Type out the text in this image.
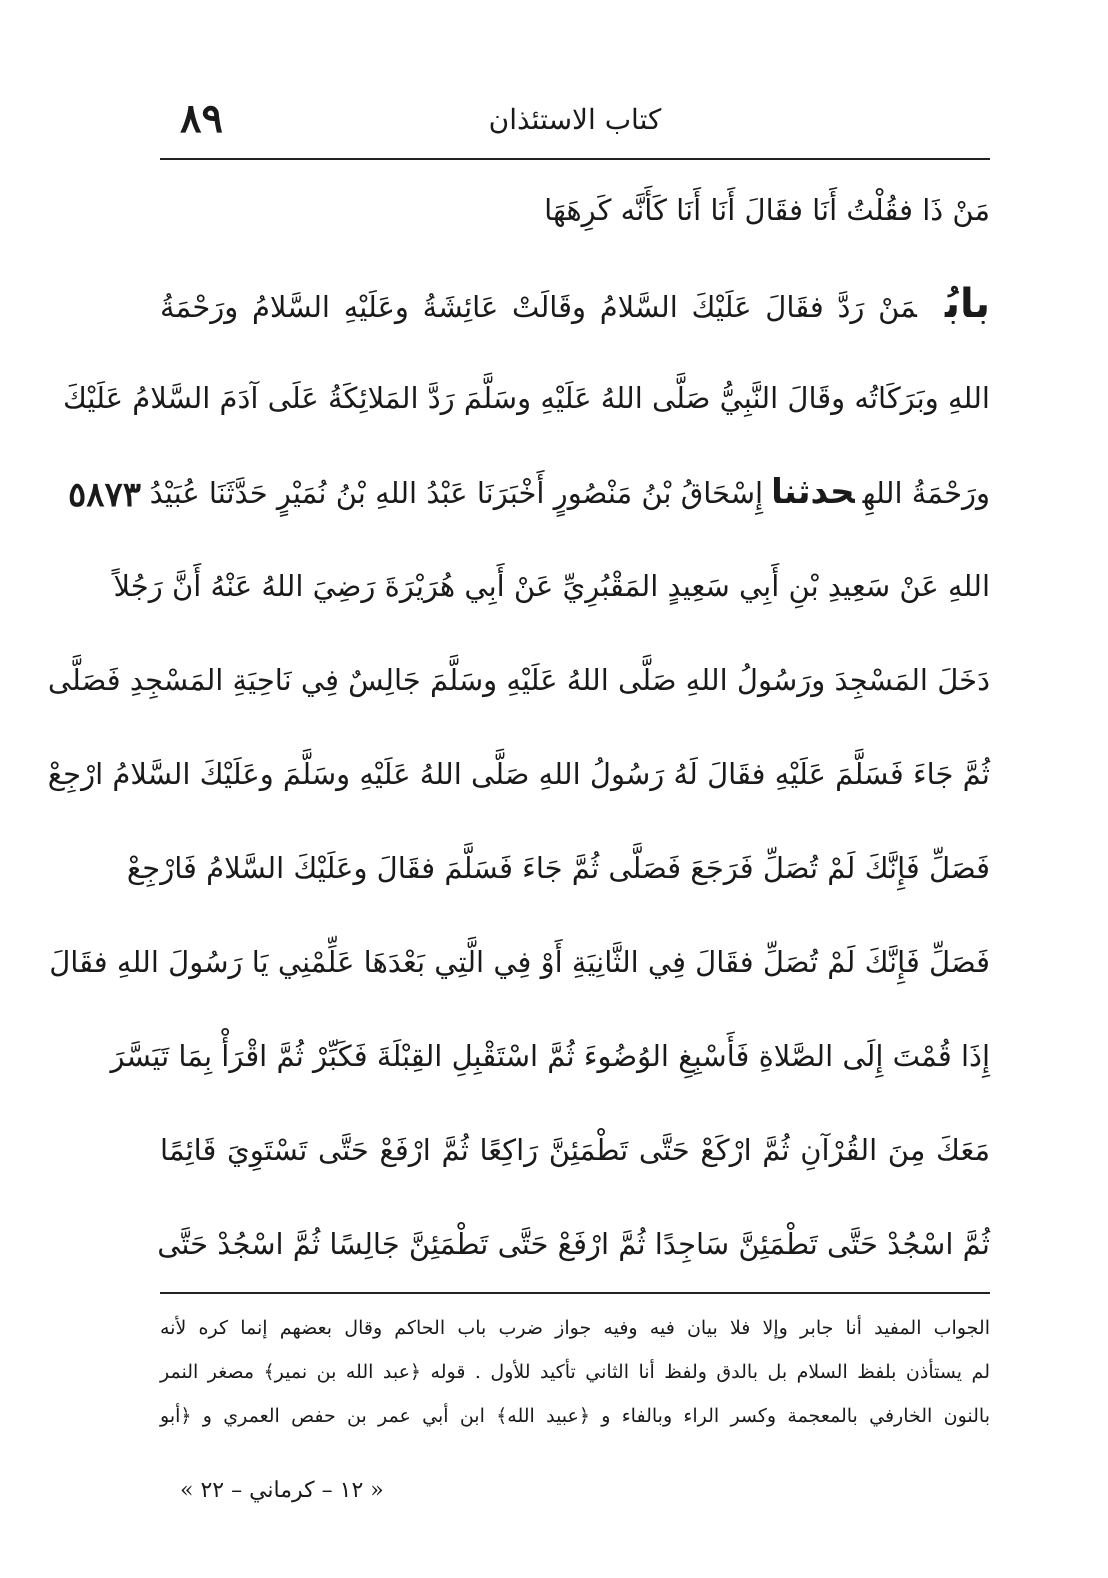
٨٩	كتاب الاستئذان
٥٨٧٣
مَنْ ذَا فقُلْتُ أَنَا فقَالَ أَنَا أَنَا كَأَنَّه كَرِهَهَا
بابُمَنْ رَدَّ فقَالَ عَلَيْكَ السَّلامُ وقَالَتْ عَائِشَةُ وعَلَيْهِ السَّلامُ ورَحْمَةُ
اللهِ وبَرَكَاتُه وقَالَ النَّبِيُّ صَلَّى اللهُ عَلَيْهِ وسَلَّمَ رَدَّ المَلائِكَةُ عَلَى آدَمَ السَّلامُ عَلَيْكَ
ورَحْمَةُ اللهِحدثناإِسْحَاقُ بْنُ مَنْصُورٍ أَخْبَرَنَا عَبْدُ اللهِ بْنُ نُمَيْرٍ حَدَّثَنَا عُبَيْدُ
اللهِ عَنْ سَعِيدِ بْنِ أَبِي سَعِيدٍ المَقْبُرِيِّ عَنْ أَبِي هُرَيْرَةَ رَضِيَ اللهُ عَنْهُ أَنَّ رَجُلاً
دَخَلَ المَسْجِدَ ورَسُولُ اللهِ صَلَّى اللهُ عَلَيْهِ وسَلَّمَ جَالِسٌ فِي نَاحِيَةِ المَسْجِدِ فَصَلَّى
ثُمَّ جَاءَ فَسَلَّمَ عَلَيْهِ فقَالَ لَهُ رَسُولُ اللهِ صَلَّى اللهُ عَلَيْهِ وسَلَّمَ وعَلَيْكَ السَّلامُ ارْجِعْ
فَصَلِّ فَإِنَّكَ لَمْ تُصَلِّ فَرَجَعَ فَصَلَّى ثُمَّ جَاءَ فَسَلَّمَ فقَالَ وعَلَيْكَ السَّلامُ فَارْجِعْ
فَصَلِّ فَإِنَّكَ لَمْ تُصَلِّ فقَالَ فِي الثَّانِيَةِ أَوْ فِي الَّتِي بَعْدَهَا عَلِّمْنِي يَا رَسُولَ اللهِ فقَالَ
إِذَا قُمْتَ إِلَى الصَّلاةِ فَأَسْبِغِ الوُضُوءَ ثُمَّ اسْتَقْبِلِ القِبْلَةَ فَكَبِّرْ ثُمَّ اقْرَأْ بِمَا تَيَسَّرَ
مَعَكَ مِنَ القُرْآنِ ثُمَّ ارْكَعْ حَتَّى تَطْمَئِنَّ رَاكِعًا ثُمَّ ارْفَعْ حَتَّى تَسْتَوِيَ قَائِمًا
ثُمَّ اسْجُدْ حَتَّى تَطْمَئِنَّ سَاجِدًا ثُمَّ ارْفَعْ حَتَّى تَطْمَئِنَّ جَالِسًا ثُمَّ اسْجُدْ حَتَّى
الجواب المفيد أنا جابر وإلا فلا بيان فيه وفيه جواز ضرب باب الحاكم وقال بعضهم إنما كره لأنه
لم يستأذن بلفظ السلام بل بالدق ولفظ أنا الثاني تأكيد للأول . قوله ﴿عبد الله بن نمير﴾ مصغر النمر
بالنون الخارفي بالمعجمة وكسر الراء وبالفاء و ﴿عبيد الله﴾ ابن أبي عمر بن حفص العمري و ﴿أبو
« ١٢ – كرماني – ٢٢ »
